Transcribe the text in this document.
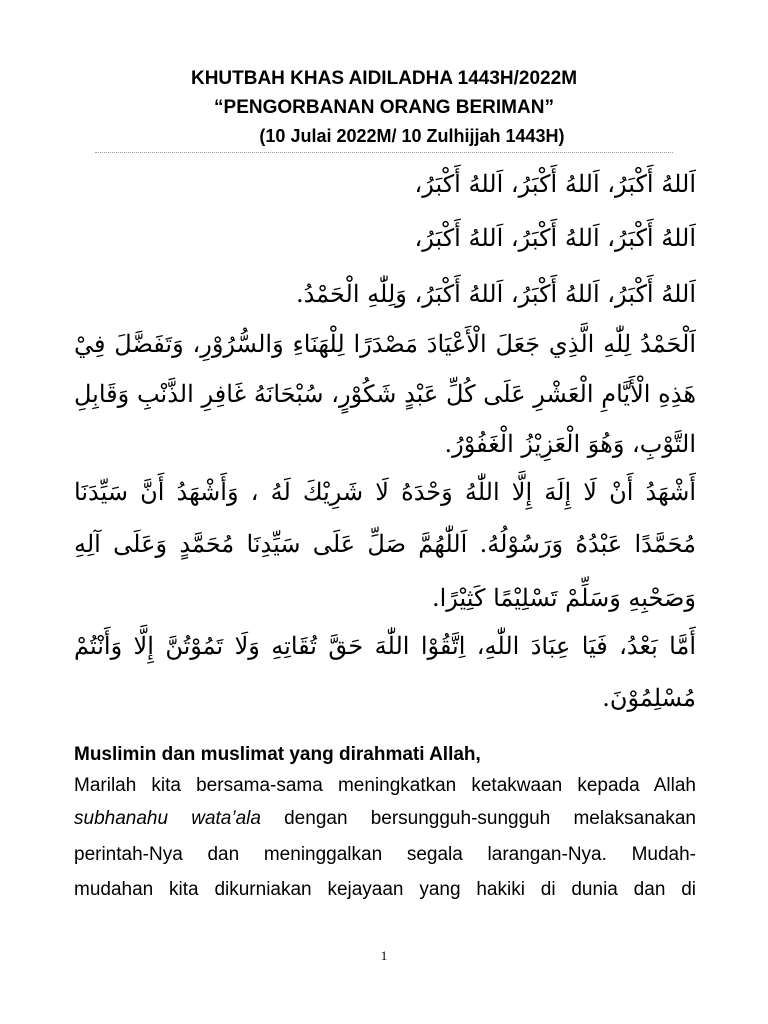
KHUTBAH KHAS AIDILADHA 1443H/2022M
“PENGORBANAN ORANG BERIMAN”
(10 Julai 2022M/ 10 Zulhijjah 1443H)
اَللهُ أَكْبَرُ، اَللهُ أَكْبَرُ، اَللهُ أَكْبَرُ،
اَللهُ أَكْبَرُ، اَللهُ أَكْبَرُ، اَللهُ أَكْبَرُ،
اَللهُ أَكْبَرُ، اَللهُ أَكْبَرُ، اَللهُ أَكْبَرُ، وَلِلّٰهِ الْحَمْدُ.
اَلْحَمْدُ لِلّٰهِ الَّذِي جَعَلَ الْأَعْيَادَ مَصْدَرًا لِلْهَنَاءِ وَالسُّرُوْرِ، وَتَفَضَّلَ فِيْ
هَذِهِ الْأَيَّامِ الْعَشْرِ عَلَى كُلِّ عَبْدٍ شَكُوْرٍ، سُبْحَانَهُ غَافِرِ الذَّنْبِ وَقَابِلِ
التَّوْبِ، وَهُوَ الْعَزِيْزُ الْغَفُوْرُ.
أَشْهَدُ أَنْ لَا إِلَهَ إِلَّا اللّٰهُ وَحْدَهُ لَا شَرِيْكَ لَهُ ، وَأَشْهَدُ أَنَّ سَيِّدَنَا
مُحَمَّدًا عَبْدُهُ وَرَسُوْلُهُ. اَللّٰهُمَّ صَلِّ عَلَى سَيِّدِنَا مُحَمَّدٍ وَعَلَى آلِهِ
وَصَحْبِهِ وَسَلِّمْ تَسْلِيْمًا كَثِيْرًا.
أَمَّا بَعْدُ، فَيَا عِبَادَ اللّٰهِ، اِتَّقُوْا اللّٰهَ حَقَّ تُقَاتِهِ وَلَا تَمُوْتُنَّ إِلَّا وَأَنْتُمْ
مُسْلِمُوْنَ.
Muslimin dan muslimat yang dirahmati Allah,
Marilah kita bersama-sama meningkatkan ketakwaan kepada Allah
subhanahu wata’ala dengan bersungguh-sungguh melaksanakan
perintah-Nya dan meninggalkan segala larangan-Nya. Mudah-
mudahan kita dikurniakan kejayaan yang hakiki di dunia dan di
1
